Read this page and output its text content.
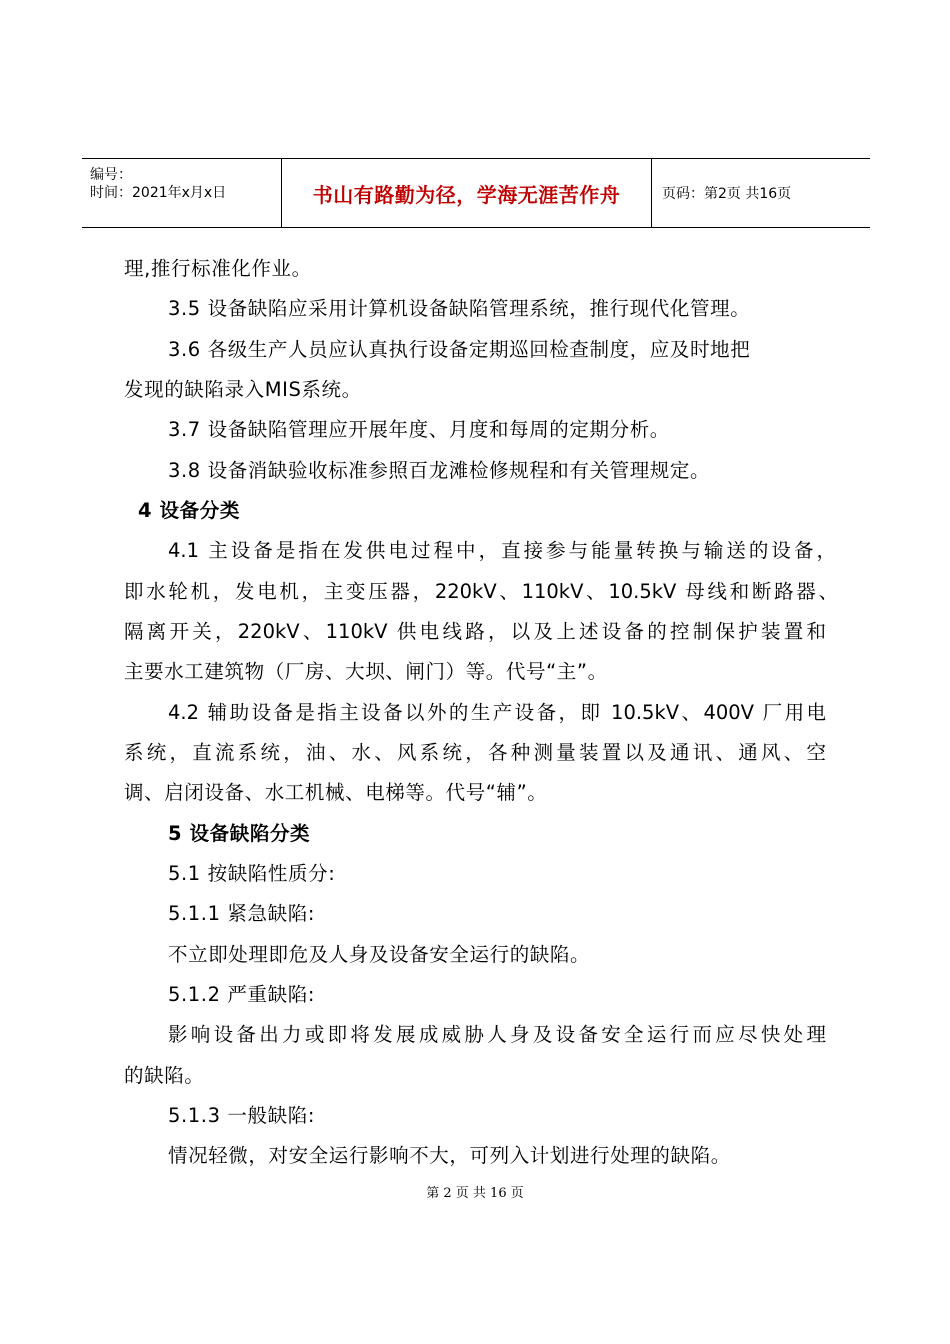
编号：
时间：2021年x月x日	书山有路勤为径，学海无涯苦作舟	页码：第2页 共16页
理,推行标准化作业。
3.5 设备缺陷应采用计算机设备缺陷管理系统，推行现代化管理。
3.6 各级生产人员应认真执行设备定期巡回检查制度，应及时地把
发现的缺陷录入MIS系统。
3.7 设备缺陷管理应开展年度、月度和每周的定期分析。
3.8 设备消缺验收标准参照百龙滩检修规程和有关管理规定。
4 设备分类
4.1 主设备是指在发供电过程中，直接参与能量转换与输送的设备，
即水轮机，发电机，主变压器，220kV、110kV、10.5kV 母线和断路器、
隔离开关，220kV、110kV 供电线路，以及上述设备的控制保护装置和
主要水工建筑物（厂房、大坝、闸门）等。代号“主”。
4.2 辅助设备是指主设备以外的生产设备，即 10.5kV、400V 厂用电
系统，直流系统，油、水、风系统，各种测量装置以及通讯、通风、空
调、启闭设备、水工机械、电梯等。代号“辅”。
5 设备缺陷分类
5.1 按缺陷性质分:
5.1.1 紧急缺陷:
不立即处理即危及人身及设备安全运行的缺陷。
5.1.2 严重缺陷:
影响设备出力或即将发展成威胁人身及设备安全运行而应尽快处理
的缺陷。
5.1.3 一般缺陷:
情况轻微，对安全运行影响不大，可列入计划进行处理的缺陷。
第 2 页 共 16 页
